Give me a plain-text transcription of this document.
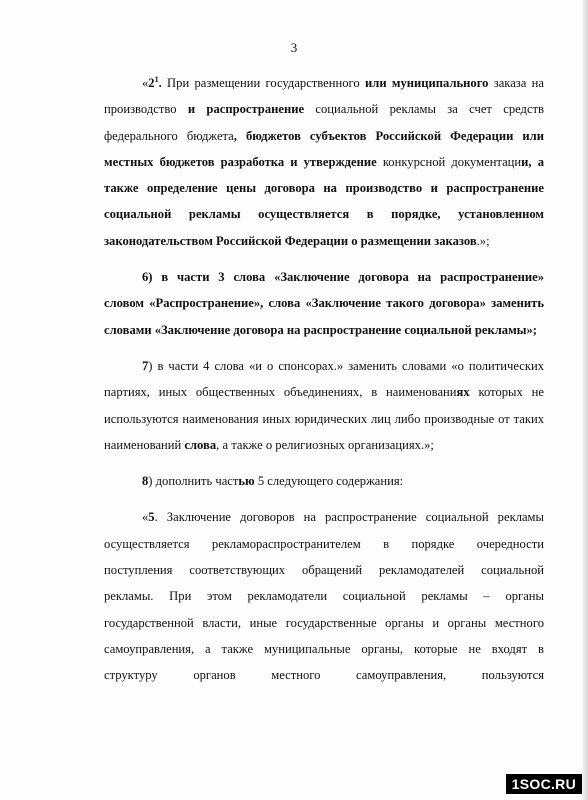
3
«$2^1$. При размещении государственного или муниципального заказа на
производство и распространение социальной рекламы за счет средств
федерального бюджета, бюджетов субъектов Российской Федерации или
местных бюджетов разработка и утверждение конкурсной документации, а
также определение цены договора на производство и распространение
социальной рекламы осуществляется в порядке, установленном
законодательством Российской Федерации о размещении заказов.»;
6) в части 3 слова «Заключение договора на распространение»
словом «Распространение», слова «Заключение такого договора» заменить
словами «Заключение договора на распространение социальной рекламы»;
7) в части 4 слова «и о спонсорах.» заменить словами «о политических
партиях, иных общественных объединениях, в наименованиях которых не
используются наименования иных юридических лиц либо производные от таких
наименований слова, а также о религиозных организациях.»;
8) дополнить частью 5 следующего содержания:
«5. Заключение договоров на распространение социальной рекламы
осуществляется рекламораспространителем в порядке очередности
поступления соответствующих обращений рекламодателей социальной
рекламы. При этом рекламодатели социальной рекламы – органы
государственной власти, иные государственные органы и органы местного
самоуправления, а также муниципальные органы, которые не входят в
структуру органов местного самоуправления, пользуются
1SOC.RU
